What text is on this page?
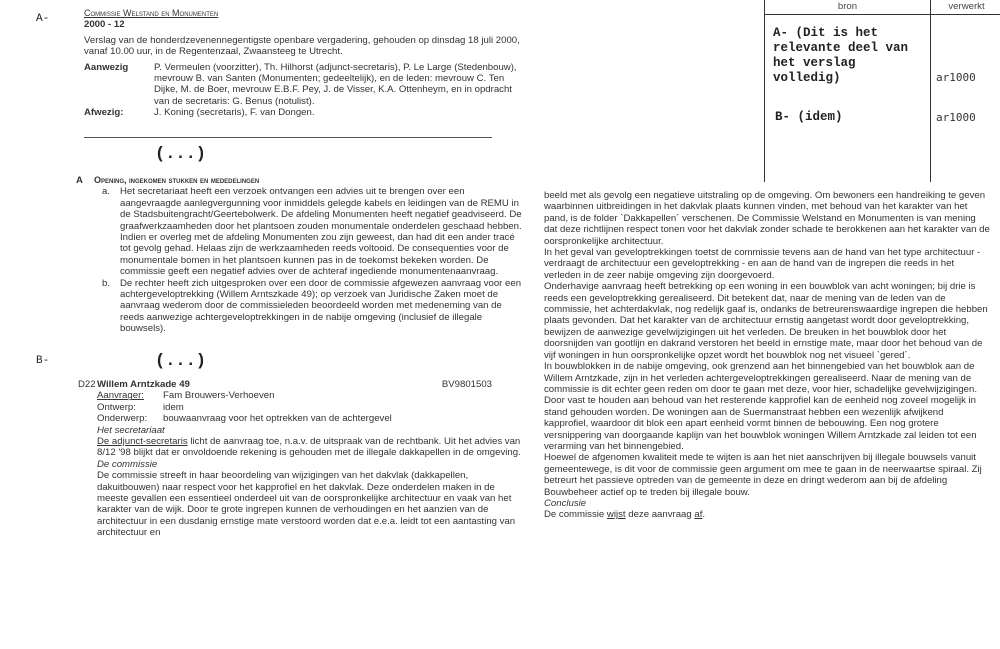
A-
B-
Commissie Welstand en Monumenten
2000 - 12

Verslag van de honderdzevenennegentigste openbare vergadering, gehouden op dinsdag 18 juli 2000, vanaf 10.00 uur, in de Regentenzaal, Zwaansteeg te Utrecht.

Aanwezig	P. Vermeulen (voorzitter), Th. Hilhorst (adjunct-secretaris), P. Le Large (Stedenbouw), mevrouw B. van Santen (Monumenten; gedeeltelijk), en de leden: mevrouw C. Ten Dijke, M. de Boer, mevrouw E.B.F. Pey, J. de Visser, K.A. Ottenheym, en in opdracht van de secretaris: G. Benus (notulist).
Afwezig:	J. Koning (secretaris), F. van Dongen.
(...)
A	Opening, ingekomen stukken en mededelingen
a.	Het secretariaat heeft een verzoek ontvangen een advies uit te brengen over een aangevraagde aanlegvergunning voor inmiddels gelegde kabels en leidingen van de REMU in de Stadsbuitengracht/Geertebolwerk. De afdeling Monumenten heeft negatief geadviseerd. De graafwerkzaamheden door het plantsoen zouden monumentale onderdelen geschaad hebben. Indien er overleg met de afdeling Monumenten zou zijn geweest, dan had dit een ander tracé tot gevolg gehad. Helaas zijn de werkzaamheden reeds voltooid. De consequenties voor de monumentale bomen in het plantsoen kunnen pas in de toekomst bekeken worden. De commissie geeft een negatief advies over de achteraf ingediende monumentenaanvraag.

b.	De rechter heeft zich uitgesproken over een door de commissie afgewezen aanvraag voor een achtergeveloptrekking (Willem Arntszkade 49); op verzoek van Juridische Zaken moet de aanvraag wederom door de commissieleden beoordeeld worden met medeneming van de reeds aanwezige achtergeveloptrekkingen in de nabije omgeving (inclusief de illegale bouwsels).

(...)
D22 Willem Arntzkade 49	BV9801503
Aanvrager:	Fam Brouwers-Verhoeven
Ontwerp:	idem
Onderwerp:	bouwaanvraag voor het optrekken van de achtergevel
Het secretariaat

De adjunct-secretaris licht de aanvraag toe, n.a.v. de uitspraak van de rechtbank. Uit het advies van 8/12 '98 blijkt dat er onvoldoende rekening is gehouden met de illegale dakkapellen in de omgeving.

De commissie

De commissie streeft in haar beoordeling van wijzigingen van het dakvlak (dakkapellen, dakuitbouwen) naar respect voor het kapprofiel en het dakvlak. Deze onderdelen maken in de meeste gevallen een essentieel onderdeel uit van de oorspronkelijke architectuur en vaak van het karakter van de wijk. Door te grote ingrepen kunnen de verhoudingen en het aanzien van de architectuur in een dusdanig ernstige mate verstoord worden dat e.e.a. leidt tot een aantasting van architectuur en

beeld met als gevolg een negatieve uitstraling op de omgeving. Om bewoners een handreiking te geven waarbinnen uitbreidingen in het dakvlak plaats kunnen vinden, met behoud van het karakter van het pand, is de folder `Dakkapellen´ verschenen. De Commissie Welstand en Monumenten is van mening dat deze richtlijnen respect tonen voor het dakvlak zonder schade te berokkenen aan het karakter van de oorspronkelijke architectuur.

In het geval van geveloptrekkingen toetst de commissie tevens aan de hand van het type architectuur - verdraagt de architectuur een geveloptrekking - en aan de hand van de ingrepen die reeds in het verleden in de zeer nabije omgeving zijn doorgevoerd.

Onderhavige aanvraag heeft betrekking op een woning in een bouwblok van acht woningen; bij drie is reeds een geveloptrekking gerealiseerd. Dit betekent dat, naar de mening van de leden van de commissie, het achterdakvlak, nog redelijk gaaf is, ondanks de betreurenswaardige ingrepen die hebben plaats gevonden. Dat het karakter van de architectuur ernstig aangetast wordt door geveloptrekking, bewijzen de aanwezige gevelwijzigingen uit het verleden. De breuken in het bouwblok door het doorsnijden van gootlijn en dakrand verstoren het beeld in ernstige mate, maar door het behoud van de vijf woningen in hun oorspronkelijke opzet wordt het bouwblok nog net visueel `gered´.

In bouwblokken in de nabije omgeving, ook grenzend aan het binnengebied van het bouwblok aan de Willem Arntzkade, zijn in het verleden achtergeveloptrekkingen gerealiseerd. Naar de mening van de commissie is dit echter geen reden om door te gaan met deze, voor hier, schadelijke gevelwijzigingen. Door vast te houden aan behoud van het resterende kapprofiel kan de eenheid nog zoveel mogelijk in stand gehouden worden. De woningen aan de Suermanstraat hebben een wezenlijk afwijkend kapprofiel, waardoor dit blok een apart eenheid vormt binnen de bebouwing. Een nog grotere versnippering van doorgaande kaplijn van het bouwblok woningen Willem Arntzkade zal leiden tot een verarming van het binnengebied.

Hoewel de afgenomen kwaliteit mede te wijten is aan het niet aanschrijven bij illegale bouwsels vanuit gemeentewege, is dit voor de commissie geen argument om mee te gaan in de neerwaartse spiraal. Zij betreurt het passieve optreden van de gemeente in deze en dringt wederom aan bij de afdeling Bouwbeheer actief op te treden bij illegale bouw.

Conclusie

De commissie wijst deze aanvraag af.

bron	verwerkt
A- (Dit is het relevante deel van het verslag volledig)	ar1000
B- (idem)	ar1000
